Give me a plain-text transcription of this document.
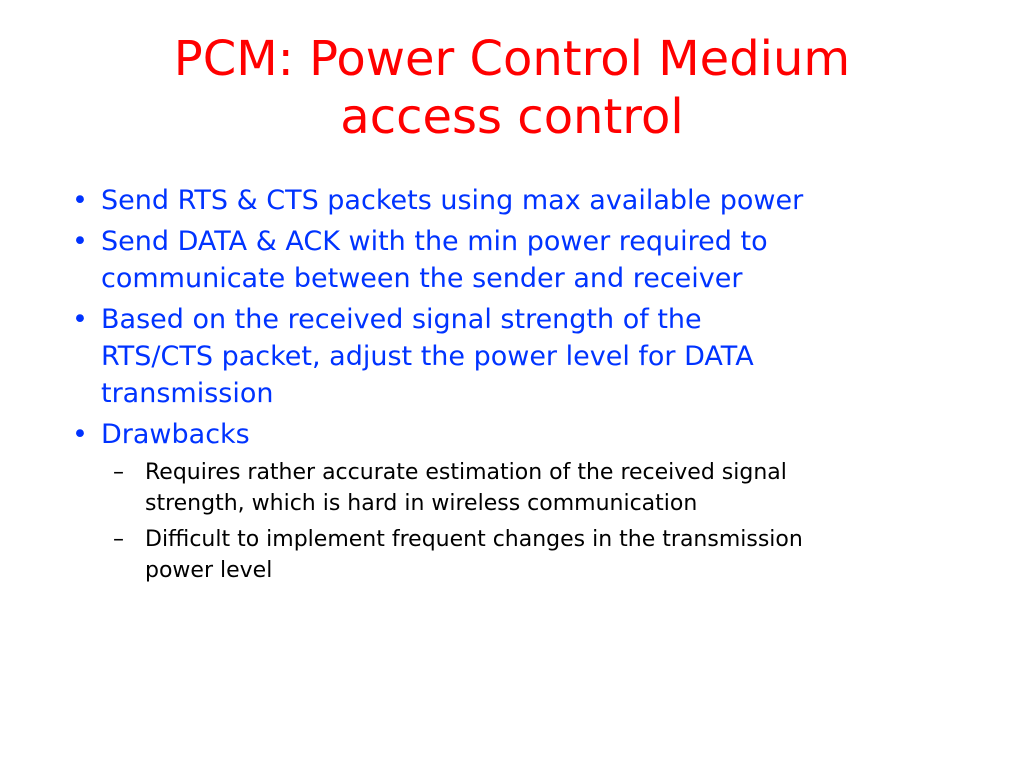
PCM: Power Control Medium
access control
• Send RTS & CTS packets using max available power
• Send DATA & ACK with the min power required to
communicate between the sender and receiver
• Based on the received signal strength of the
RTS/CTS packet, adjust the power level for DATA
transmission
• Drawbacks
– Requires rather accurate estimation of the received signal
strength, which is hard in wireless communication
– Difficult to implement frequent changes in the transmission
power level
